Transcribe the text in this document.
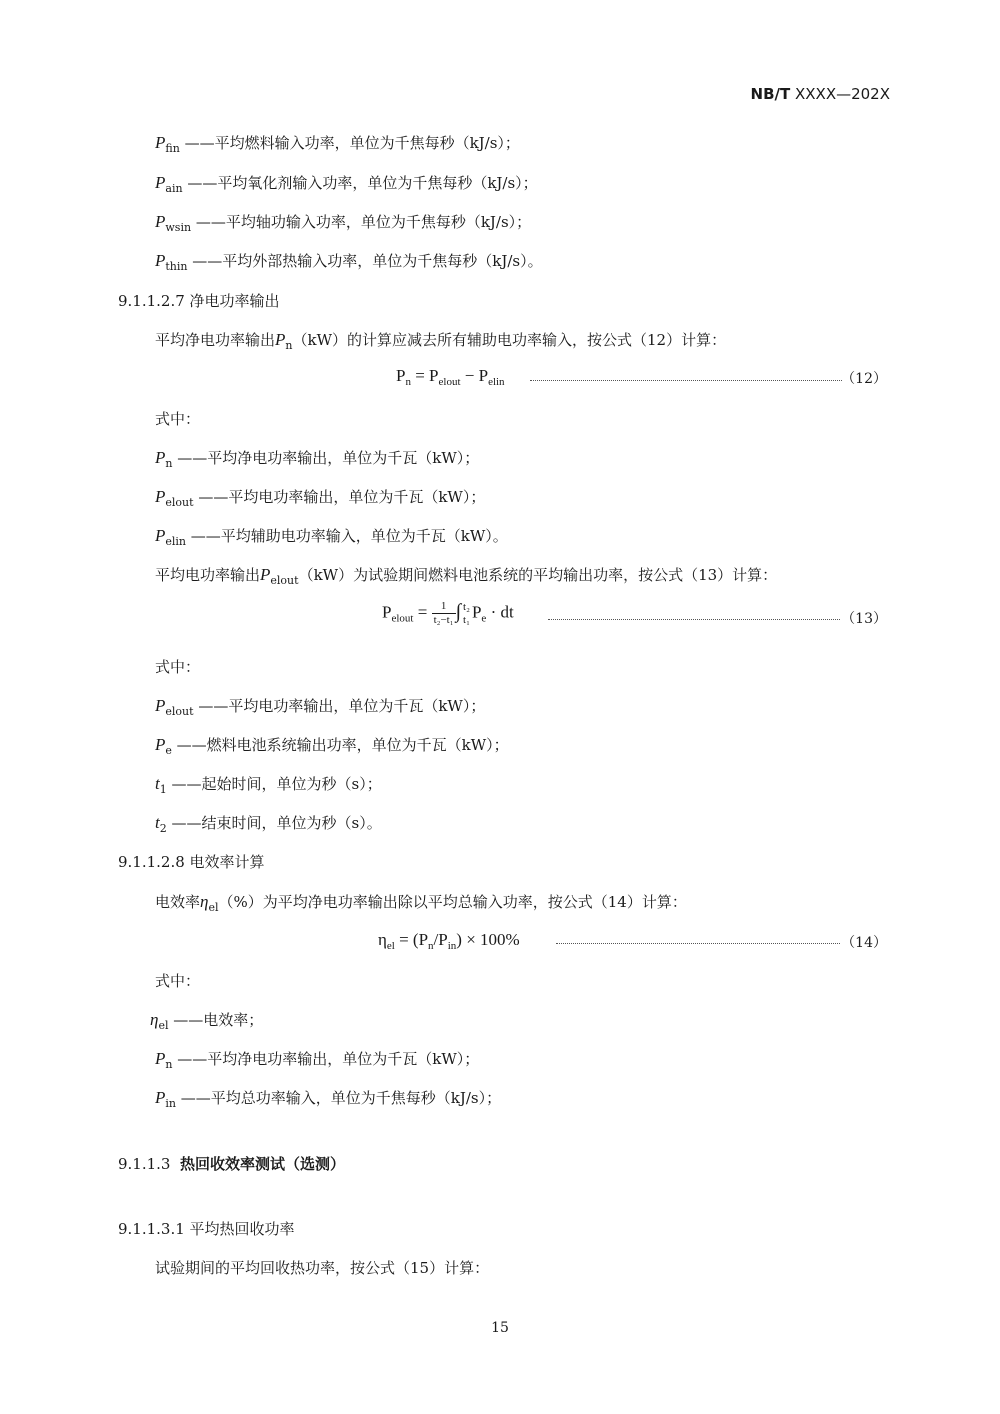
NB/T XXXX—202X
$P_{fin}$ ——平均燃料输入功率，单位为千焦每秒（kJ/s）；
$P_{ain}$ ——平均氧化剂输入功率，单位为千焦每秒（kJ/s）；
$P_{wsin}$ ——平均轴功输入功率，单位为千焦每秒（kJ/s）；
$P_{thin}$ ——平均外部热输入功率，单位为千焦每秒（kJ/s）。
9.1.1.2.7 净电功率输出
平均净电功率输出$P_n(kW)$的计算应减去所有辅助电功率输入，按公式（12）计算：
$P_n = P_{elout} - P_{elin}$	（12）
式中：
$P_n$ ——平均净电功率输出，单位为千瓦（kW）；
$P_{elout}$ ——平均电功率输出，单位为千瓦（kW）；
$P_{elin}$ ——平均辅助电功率输入，单位为千瓦（kW）。
平均电功率输出$P_{elout}(kW)$为试验期间燃料电池系统的平均输出功率，按公式（13）计算：
$P_{elout} = \frac{1}{\text{t₂−t₁}}$ ∫ t₂
t₁ $P_e$ · dt	（13）
式中：
$P_{elout}$ ——平均电功率输出，单位为千瓦（kW）；
$P_e$ ——燃料电池系统输出功率，单位为千瓦（kW）；
$t_1$ ——起始时间，单位为秒（s）；
$t_2$ ——结束时间，单位为秒（s）。
9.1.1.2.8 电效率计算
电效率$\eta_{el}(\%)$为平均净电功率输出除以平均总输入功率，按公式（14）计算：
$\eta_{el} = (P_n/P_{in}) \times 100\%$	（14）
式中：
$\eta_{el}$ ——电效率；
$P_n$ ——平均净电功率输出，单位为千瓦（kW）；
$P_{in}$ ——平均总功率输入，单位为千焦每秒（kJ/s）；
9.1.1.3 热回收效率测试（选测）
9.1.1.3.1 平均热回收功率
试验期间的平均回收热功率，按公式（15）计算：
15
